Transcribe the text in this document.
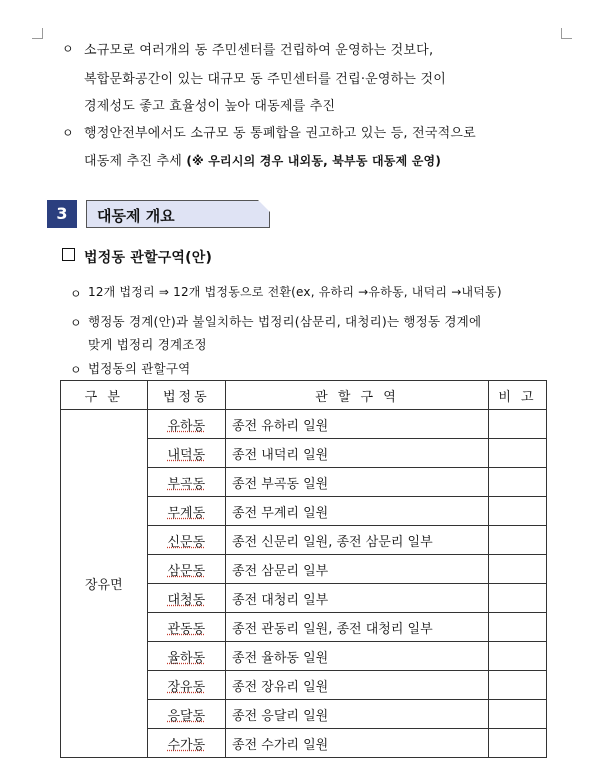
ㅇ 소규모로 여러개의 동 주민센터를 건립하여 운영하는 것보다,
복합문화공간이 있는 대규모 동 주민센터를 건립·운영하는 것이
경제성도 좋고 효율성이 높아 대동제를 추진
ㅇ 행정안전부에서도 소규모 동 통폐합을 권고하고 있는 등, 전국적으로
대동제 추진 추세 (※ 우리시의 경우 내외동, 북부동 대동제 운영)
3	대동제 개요
법정동 관할구역(안)
ㅇ 12개 법정리 ⇒ 12개 법정동으로 전환(ex, 유하리 →유하동, 내덕리 →내덕동)
ㅇ 행정동 경계(안)과 불일치하는 법정리(삼문리, 대청리)는 행정동 경계에
맞게 법정리 경계조정
ㅇ 법정동의 관할구역
구 분	법정동	관 할 구 역	비 고
장유면	유하동	종전 유하리 일원	
	내덕동	종전 내덕리 일원	
	부곡동	종전 부곡동 일원	
	무계동	종전 무계리 일원	
	신문동	종전 신문리 일원, 종전 삼문리 일부	
	삼문동	종전 삼문리 일부	
	대청동	종전 대청리 일부	
	관동동	종전 관동리 일원, 종전 대청리 일부	
	율하동	종전 율하동 일원	
	장유동	종전 장유리 일원	
	응달동	종전 응달리 일원	
	수가동	종전 수가리 일원	
